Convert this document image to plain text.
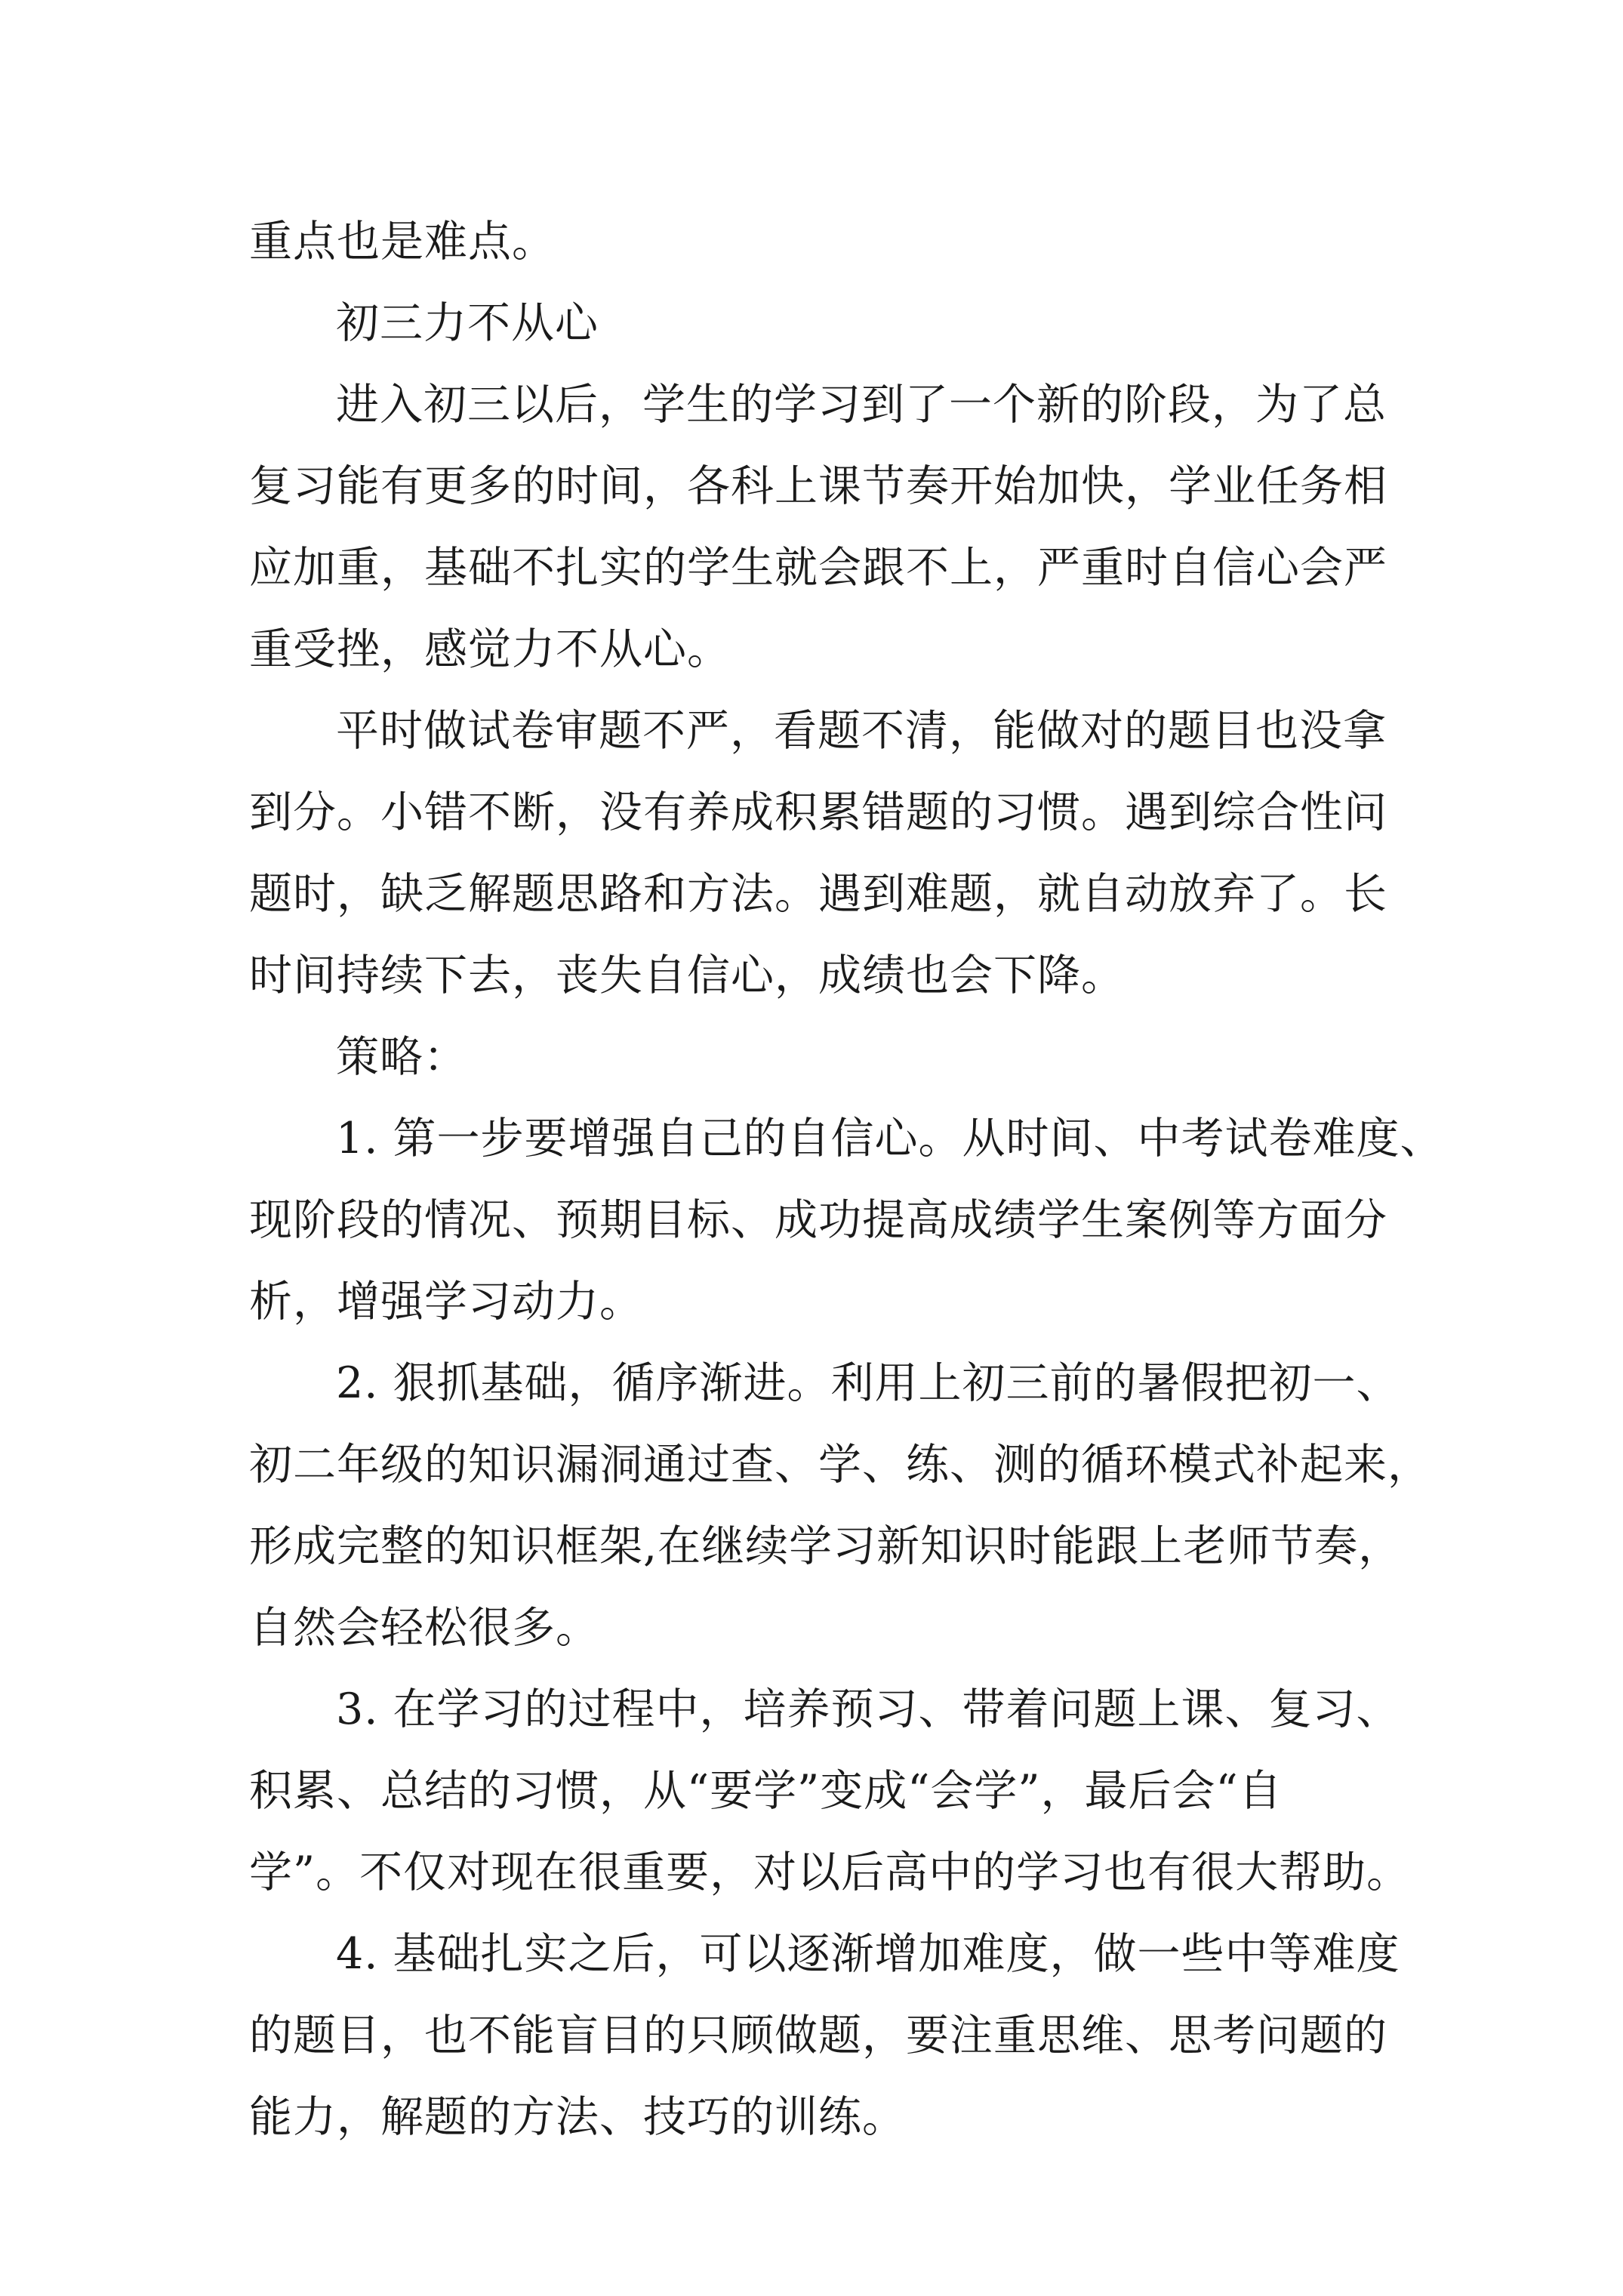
重点也是难点。

初三力不从心

进入初三以后，学生的学习到了一个新的阶段，为了总

复习能有更多的时间，各科上课节奏开始加快，学业任务相

应加重，基础不扎实的学生就会跟不上，严重时自信心会严

重受挫，感觉力不从心。

平时做试卷审题不严，看题不清，能做对的题目也没拿

到分。小错不断，没有养成积累错题的习惯。遇到综合性问

题时，缺乏解题思路和方法。遇到难题，就自动放弃了。长

时间持续下去，丧失自信心，成绩也会下降。

策略：

1. 第一步要增强自己的自信心。从时间、中考试卷难度、

现阶段的情况、预期目标、成功提高成绩学生案例等方面分

析，增强学习动力。

2. 狠抓基础，循序渐进。利用上初三前的暑假把初一、

初二年级的知识漏洞通过查、学、练、测的循环模式补起来，

形成完整的知识框架,在继续学习新知识时能跟上老师节奏，

自然会轻松很多。

3. 在学习的过程中，培养预习、带着问题上课、复习、

积累、总结的习惯，从“要学”变成“会学”，最后会“自

学”。不仅对现在很重要，对以后高中的学习也有很大帮助。

4. 基础扎实之后，可以逐渐增加难度，做一些中等难度

的题目，也不能盲目的只顾做题，要注重思维、思考问题的

能力，解题的方法、技巧的训练。
